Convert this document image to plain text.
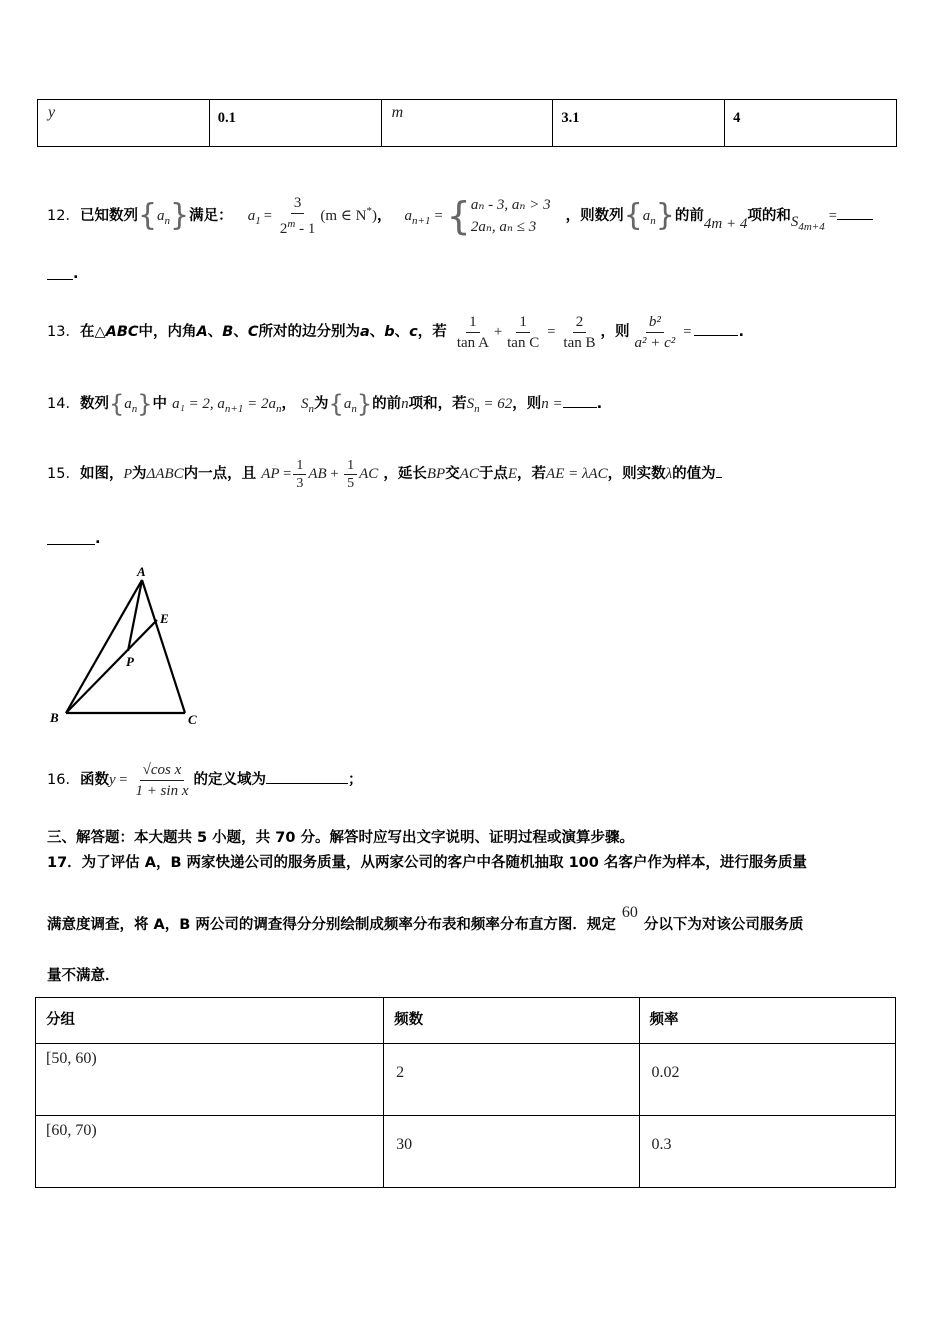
y	0.1	m	3.1	4
12．已知数列$\{a_n\}$满足： $a_1 = \frac{3}{2^m - 1} (m$ ∈ N*)， $a_{n+1}$ = { aₙ - 3, aₙ > 3
2aₙ, aₙ ≤ 3
，则数列$\{a_n\}$的前4m + 4项的和$S_{4m+4}=$
.
13．在△ABC中，内角A、B、C所对的边分别为a、b、c，若 $\frac{1}{\text{tan A}} + \frac{1}{\text{tan C}} = \frac{2}{\text{tan B}}$ ，则 $\frac{\text{b²}}{\text{a² + c²}}$ =	.
14．数列$\{a_n\}$中 a₁ = 2, $a_{n+1} = 2a_n$， $S_n$为$\{a_n\}$的前n项和，若$S_n = 62$，则n = .
15．如图，P为ΔABC内一点，且 AP = $\frac{1}{3}$ AB + $\frac{1}{5}$ AC ，延长BP交AC于点E，若AE = λAC，则实数λ的值为
.
A
E
P
B	C
16．函数$y = \frac{\text{√cos x}}{\text{1 + sin x}}$ 的定义域为	；
三、解答题：本大题共 5 小题，共 70 分。解答时应写出文字说明、证明过程或演算步骤。
17．为了评估 A，B 两家快递公司的服务质量，从两家公司的客户中各随机抽取 100 名客户作为样本，进行服务质量
满意度调查，将 A，B 两公司的调查得分分别绘制成频率分布表和频率分布直方图．规定60分以下为对该公司服务质
量不满意．
分组	频数	频率

[50, 60)	2	0.02

[60, 70)	30	0.3
